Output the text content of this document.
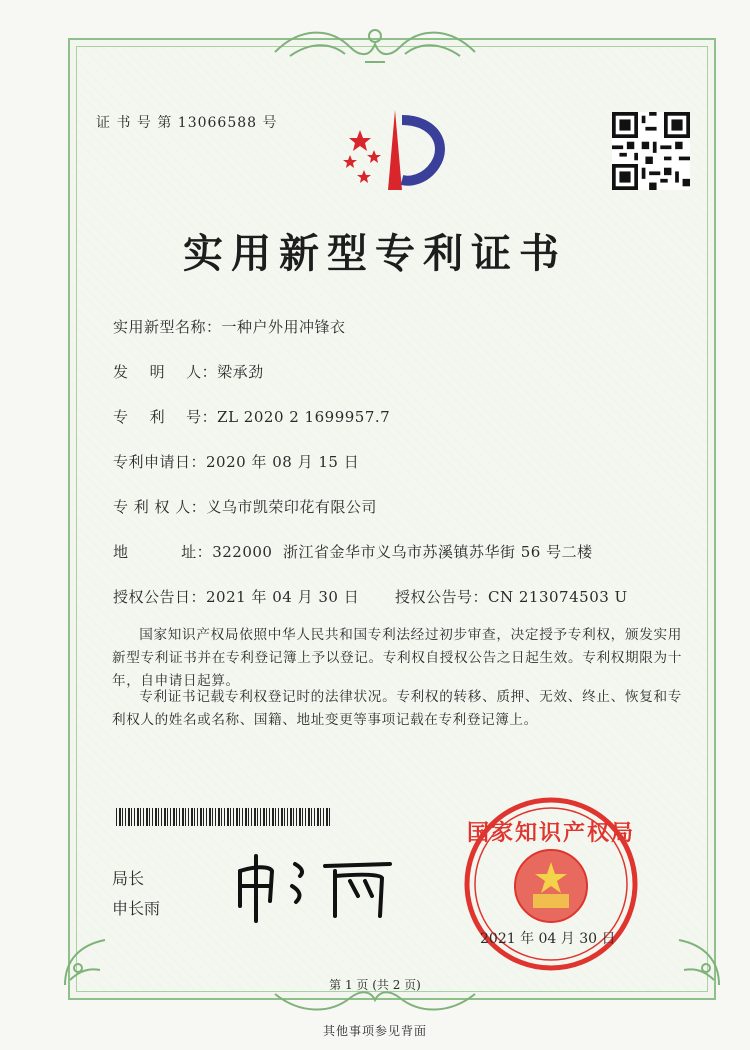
证 书 号 第 13066588 号
实用新型专利证书
实用新型名称：一种户外用冲锋衣
发    明    人：梁承劲
专    利    号：ZL 2020 2 1699957.7
专利申请日：2020 年 08 月 15 日
专 利 权 人：义乌市凯荣印花有限公司
地          址：322000  浙江省金华市义乌市苏溪镇苏华街 56 号二楼
授权公告日：2021 年 04 月 30 日 授权公告号：CN 213074503 U
国家知识产权局依照中华人民共和国专利法经过初步审查，决定授予专利权，颁发实用新型专利证书并在专利登记簿上予以登记。专利权自授权公告之日起生效。专利权期限为十年，自申请日起算。
专利证书记载专利权登记时的法律状况。专利权的转移、质押、无效、终止、恢复和专利权人的姓名或名称、国籍、地址变更等事项记载在专利登记簿上。
局长
申长雨
国家知识产权局
2021 年 04 月 30 日
第 1 页 (共 2 页)
其他事项参见背面
